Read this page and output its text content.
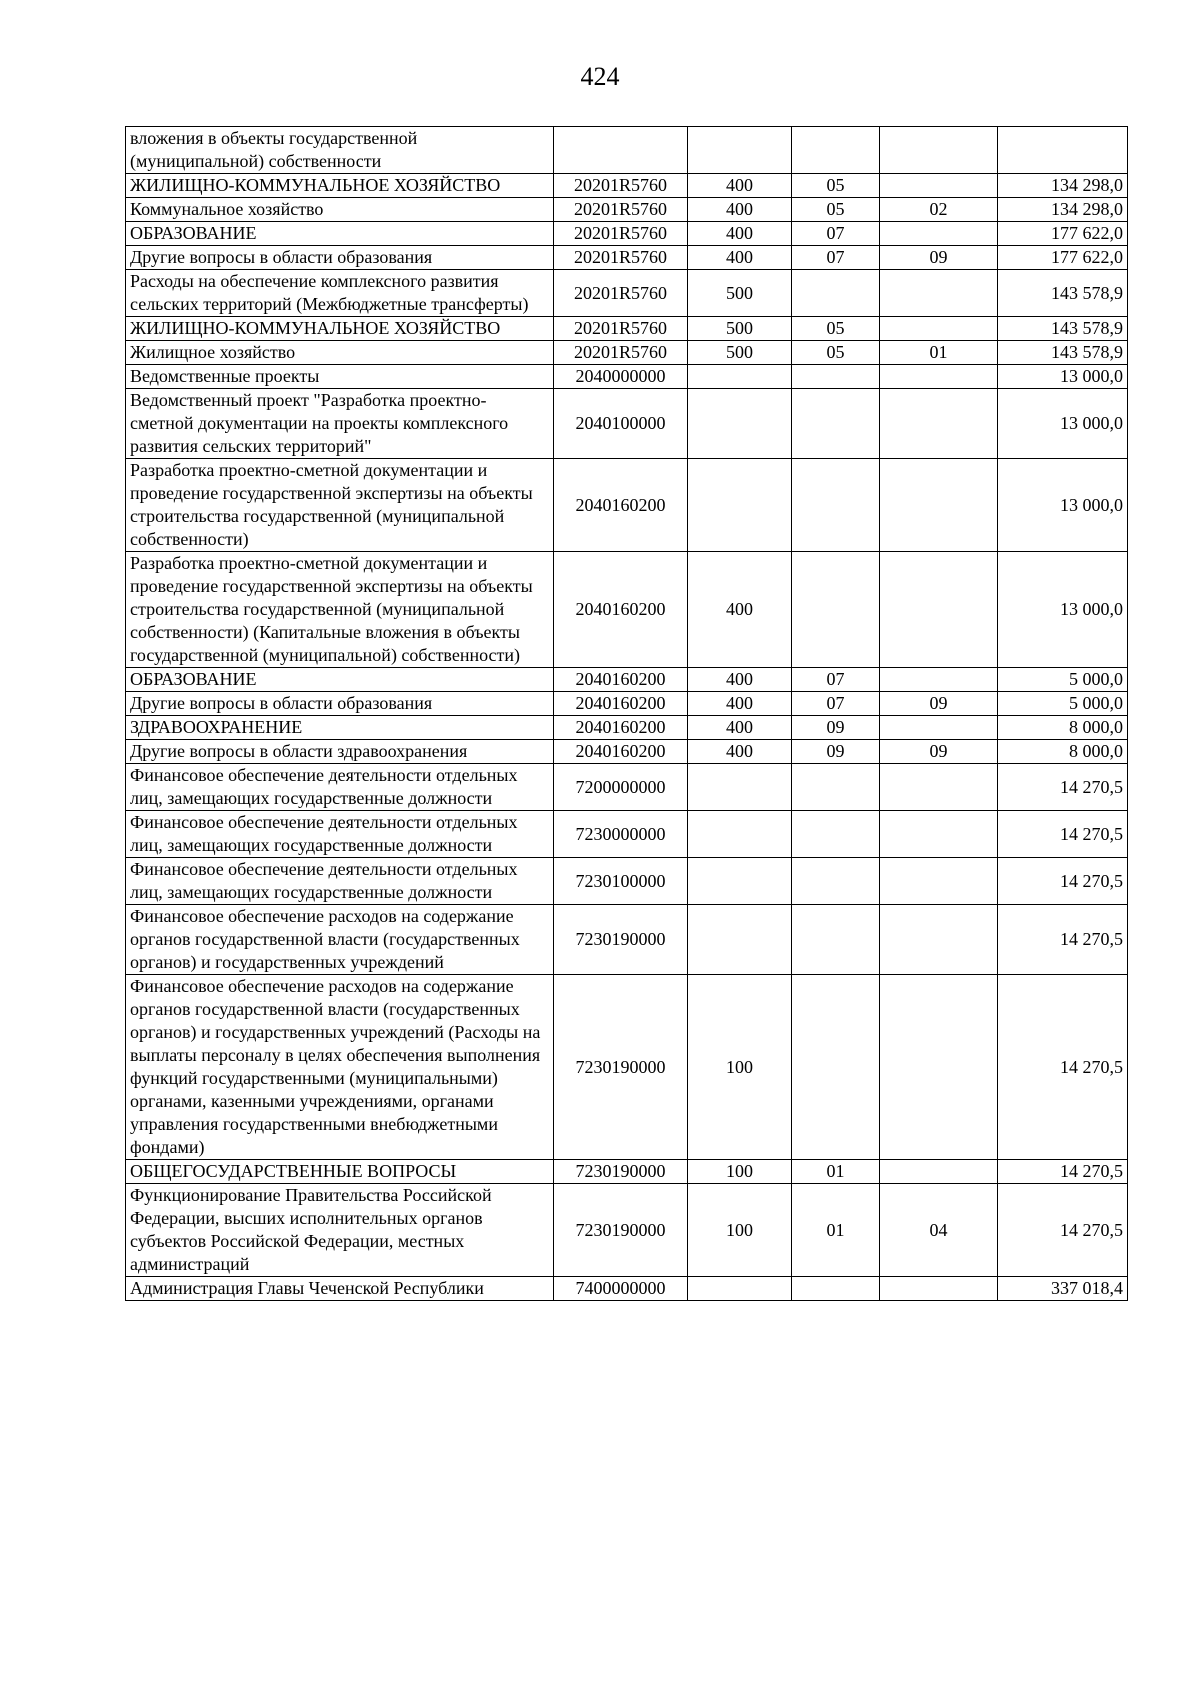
424
вложения в объекты государственной (муниципальной) собственности					
ЖИЛИЩНО-КОММУНАЛЬНОЕ ХОЗЯЙСТВО	20201R5760	400	05		134 298,0
Коммунальное хозяйство	20201R5760	400	05	02	134 298,0
ОБРАЗОВАНИЕ	20201R5760	400	07		177 622,0
Другие вопросы в области образования	20201R5760	400	07	09	177 622,0
Расходы на обеспечение комплексного развития сельских территорий (Межбюджетные трансферты)	20201R5760	500			143 578,9
ЖИЛИЩНО-КОММУНАЛЬНОЕ ХОЗЯЙСТВО	20201R5760	500	05		143 578,9
Жилищное хозяйство	20201R5760	500	05	01	143 578,9
Ведомственные проекты	2040000000				13 000,0
Ведомственный проект "Разработка проектно-сметной документации на проекты комплексного развития сельских территорий"	2040100000				13 000,0
Разработка проектно-сметной документации и проведение государственной экспертизы на объекты строительства государственной (муниципальной собственности)	2040160200				13 000,0
Разработка проектно-сметной документации и проведение государственной экспертизы на объекты строительства государственной (муниципальной собственности) (Капитальные вложения в объекты государственной (муниципальной) собственности)	2040160200	400			13 000,0
ОБРАЗОВАНИЕ	2040160200	400	07		5 000,0
Другие вопросы в области образования	2040160200	400	07	09	5 000,0
ЗДРАВООХРАНЕНИЕ	2040160200	400	09		8 000,0
Другие вопросы в области здравоохранения	2040160200	400	09	09	8 000,0
Финансовое обеспечение деятельности отдельных лиц, замещающих государственные должности	7200000000				14 270,5
Финансовое обеспечение деятельности отдельных лиц, замещающих государственные должности	7230000000				14 270,5
Финансовое обеспечение деятельности отдельных лиц, замещающих государственные должности	7230100000				14 270,5
Финансовое обеспечение расходов на содержание органов государственной власти (государственных органов) и государственных учреждений	7230190000				14 270,5
Финансовое обеспечение расходов на содержание органов государственной власти (государственных органов) и государственных учреждений (Расходы на выплаты персоналу в целях обеспечения выполнения функций государственными (муниципальными) органами, казенными учреждениями, органами управления государственными внебюджетными фондами)	7230190000	100			14 270,5
ОБЩЕГОСУДАРСТВЕННЫЕ ВОПРОСЫ	7230190000	100	01		14 270,5
Функционирование Правительства Российской Федерации, высших исполнительных органов субъектов Российской Федерации, местных администраций	7230190000	100	01	04	14 270,5
Администрация Главы Чеченской Республики	7400000000				337 018,4
